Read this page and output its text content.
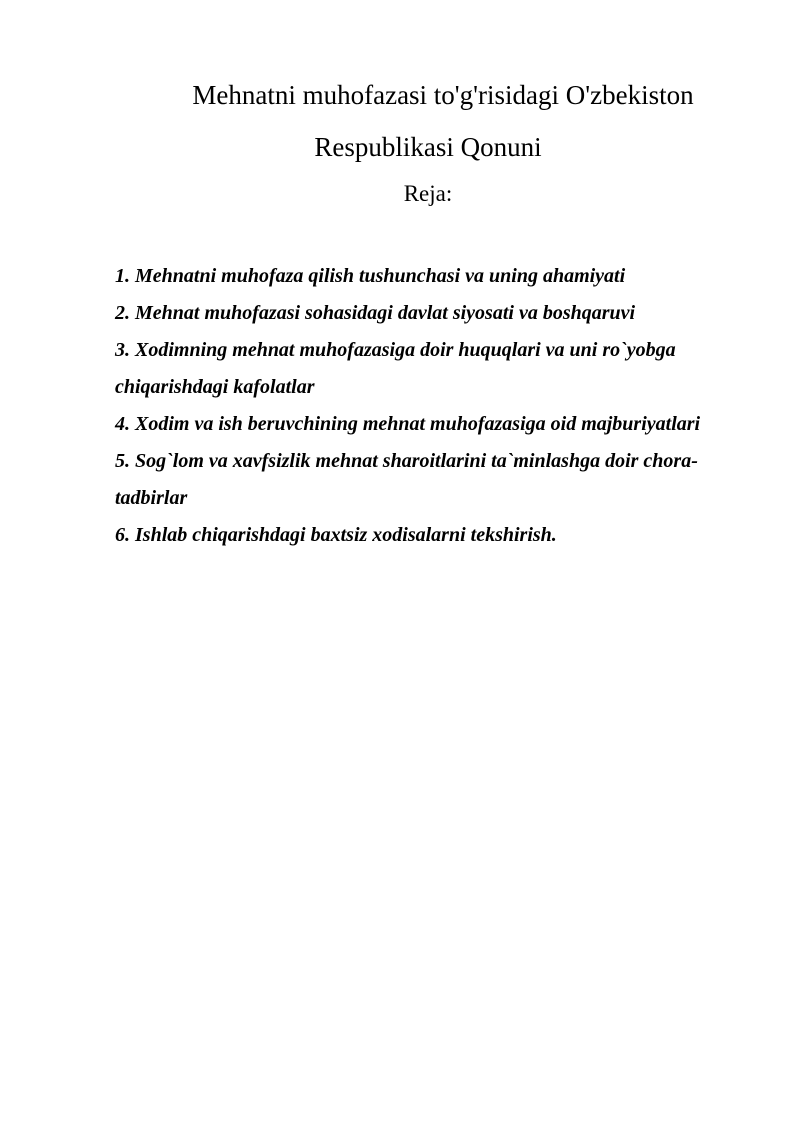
Mehnatni muhofazasi to'g'risidagi O'zbekiston
Respublikasi Qonuni
Reja:
1. Mehnatni muhofaza qilish tushunchasi va uning ahamiyati
2. Mehnat muhofazasi sohasidagi davlat siyosati va boshqaruvi
3. Xodimning mehnat muhofazasiga doir huquqlari va uni ro`yobga chiqarishdagi kafolatlar
4. Xodim va ish beruvchining mehnat muhofazasiga oid majburiyatlari
5. Sog`lom va xavfsizlik mehnat sharoitlarini ta`minlashga doir chora-tadbirlar
6. Ishlab chiqarishdagi baxtsiz xodisalarni tekshirish.
